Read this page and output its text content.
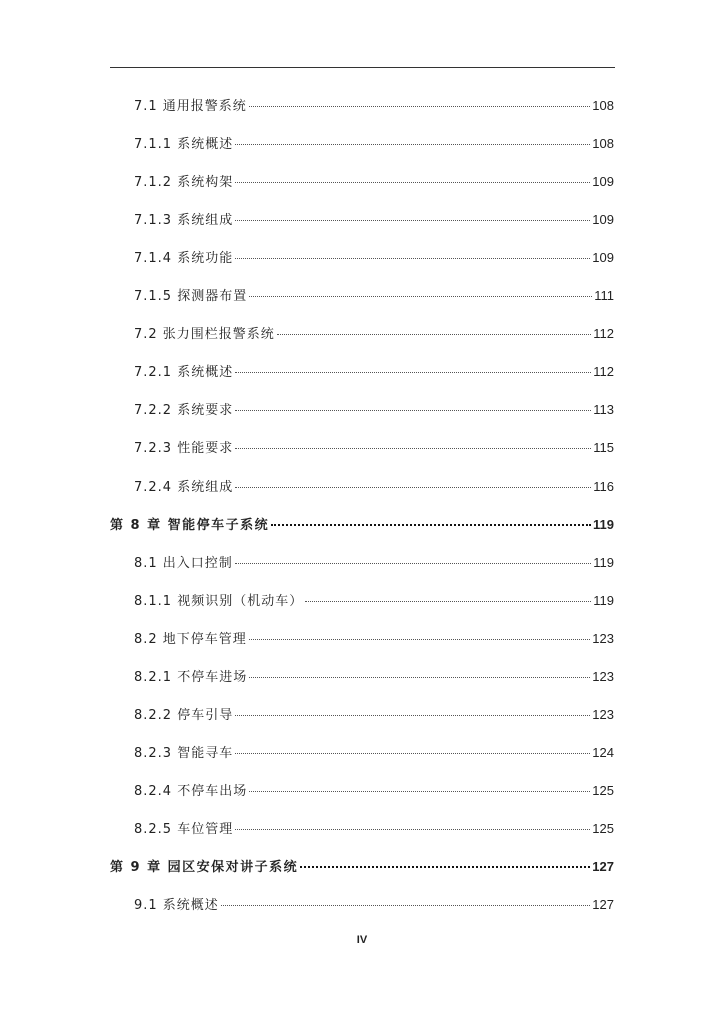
7.1 通用报警系统	108
7.1.1 系统概述	108
7.1.2 系统构架	109
7.1.3 系统组成	109
7.1.4 系统功能	109
7.1.5 探测器布置	111
7.2 张力围栏报警系统	112
7.2.1 系统概述	112
7.2.2 系统要求	113
7.2.3 性能要求	115
7.2.4 系统组成	116
第 8 章 智能停车子系统	119
8.1 出入口控制	119
8.1.1 视频识别（机动车）	119
8.2 地下停车管理	123
8.2.1 不停车进场	123
8.2.2 停车引导	123
8.2.3 智能寻车	124
8.2.4 不停车出场	125
8.2.5 车位管理	125
第 9 章 园区安保对讲子系统	127
9.1 系统概述	127
IV
